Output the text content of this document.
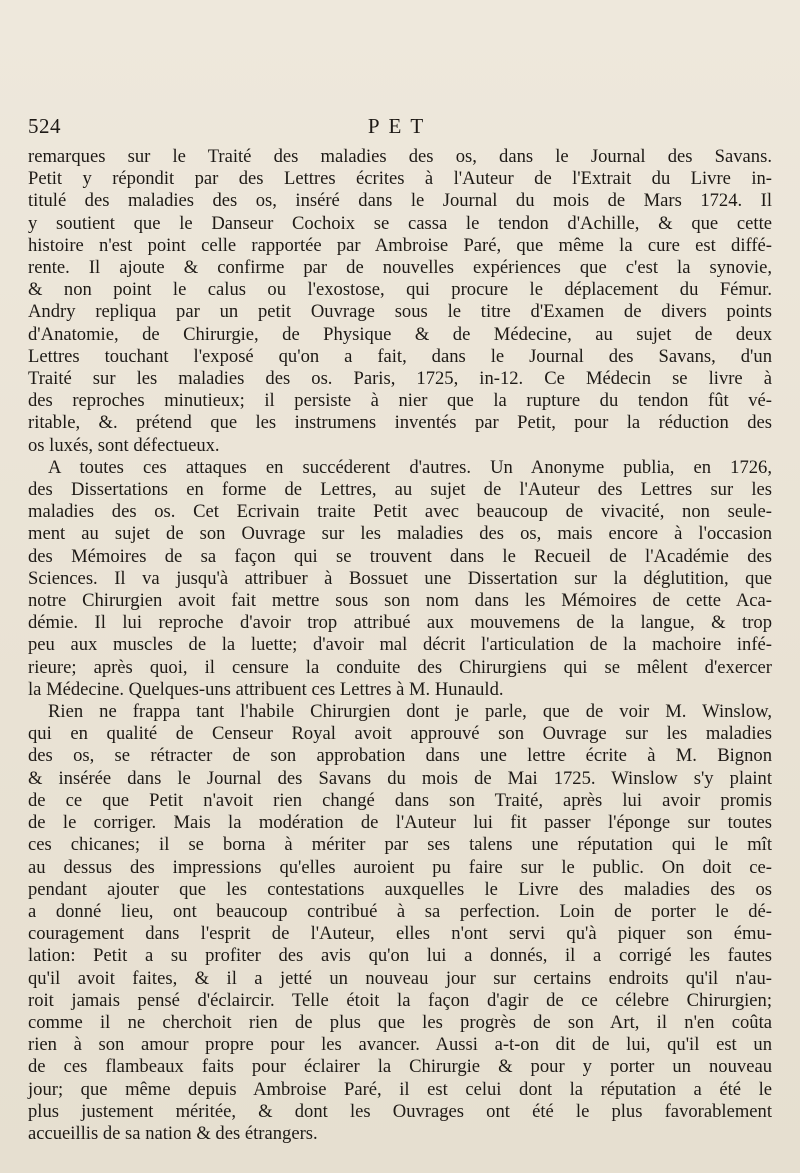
524	PET
remarques sur le Traité des maladies des os, dans le Journal des Savans.
Petit y répondit par des Lettres écrites à l'Auteur de l'Extrait du Livre in-
titulé des maladies des os, inséré dans le Journal du mois de Mars 1724. Il
y soutient que le Danseur Cochoix se cassa le tendon d'Achille, & que cette
histoire n'est point celle rapportée par Ambroise Paré, que même la cure est diffé-
rente. Il ajoute & confirme par de nouvelles expériences que c'est la synovie,
& non point le calus ou l'exostose, qui procure le déplacement du Fémur.
Andry repliqua par un petit Ouvrage sous le titre d'Examen de divers points
d'Anatomie, de Chirurgie, de Physique & de Médecine, au sujet de deux
Lettres touchant l'exposé qu'on a fait, dans le Journal des Savans, d'un
Traité sur les maladies des os. Paris, 1725, in-12. Ce Médecin se livre à
des reproches minutieux; il persiste à nier que la rupture du tendon fût vé-
ritable, &. prétend que les instrumens inventés par Petit, pour la réduction des
os luxés, sont défectueux.
A toutes ces attaques en succéderent d'autres. Un Anonyme publia, en 1726,
des Dissertations en forme de Lettres, au sujet de l'Auteur des Lettres sur les
maladies des os. Cet Ecrivain traite Petit avec beaucoup de vivacité, non seule-
ment au sujet de son Ouvrage sur les maladies des os, mais encore à l'occasion
des Mémoires de sa façon qui se trouvent dans le Recueil de l'Académie des
Sciences. Il va jusqu'à attribuer à Bossuet une Dissertation sur la déglutition, que
notre Chirurgien avoit fait mettre sous son nom dans les Mémoires de cette Aca-
démie. Il lui reproche d'avoir trop attribué aux mouvemens de la langue, & trop
peu aux muscles de la luette; d'avoir mal décrit l'articulation de la machoire infé-
rieure; après quoi, il censure la conduite des Chirurgiens qui se mêlent d'exercer
la Médecine. Quelques-uns attribuent ces Lettres à M. Hunauld.
Rien ne frappa tant l'habile Chirurgien dont je parle, que de voir M. Winslow,
qui en qualité de Censeur Royal avoit approuvé son Ouvrage sur les maladies
des os, se rétracter de son approbation dans une lettre écrite à M. Bignon
& insérée dans le Journal des Savans du mois de Mai 1725. Winslow s'y plaint
de ce que Petit n'avoit rien changé dans son Traité, après lui avoir promis
de le corriger. Mais la modération de l'Auteur lui fit passer l'éponge sur toutes
ces chicanes; il se borna à mériter par ses talens une réputation qui le mît
au dessus des impressions qu'elles auroient pu faire sur le public. On doit ce-
pendant ajouter que les contestations auxquelles le Livre des maladies des os
a donné lieu, ont beaucoup contribué à sa perfection. Loin de porter le dé-
couragement dans l'esprit de l'Auteur, elles n'ont servi qu'à piquer son ému-
lation: Petit a su profiter des avis qu'on lui a donnés, il a corrigé les fautes
qu'il avoit faites, & il a jetté un nouveau jour sur certains endroits qu'il n'au-
roit jamais pensé d'éclaircir. Telle étoit la façon d'agir de ce célebre Chirurgien;
comme il ne cherchoit rien de plus que les progrès de son Art, il n'en coûta
rien à son amour propre pour les avancer. Aussi a-t-on dit de lui, qu'il est un
de ces flambeaux faits pour éclairer la Chirurgie & pour y porter un nouveau
jour; que même depuis Ambroise Paré, il est celui dont la réputation a été le
plus justement méritée, & dont les Ouvrages ont été le plus favorablement
accueillis de sa nation & des étrangers.
